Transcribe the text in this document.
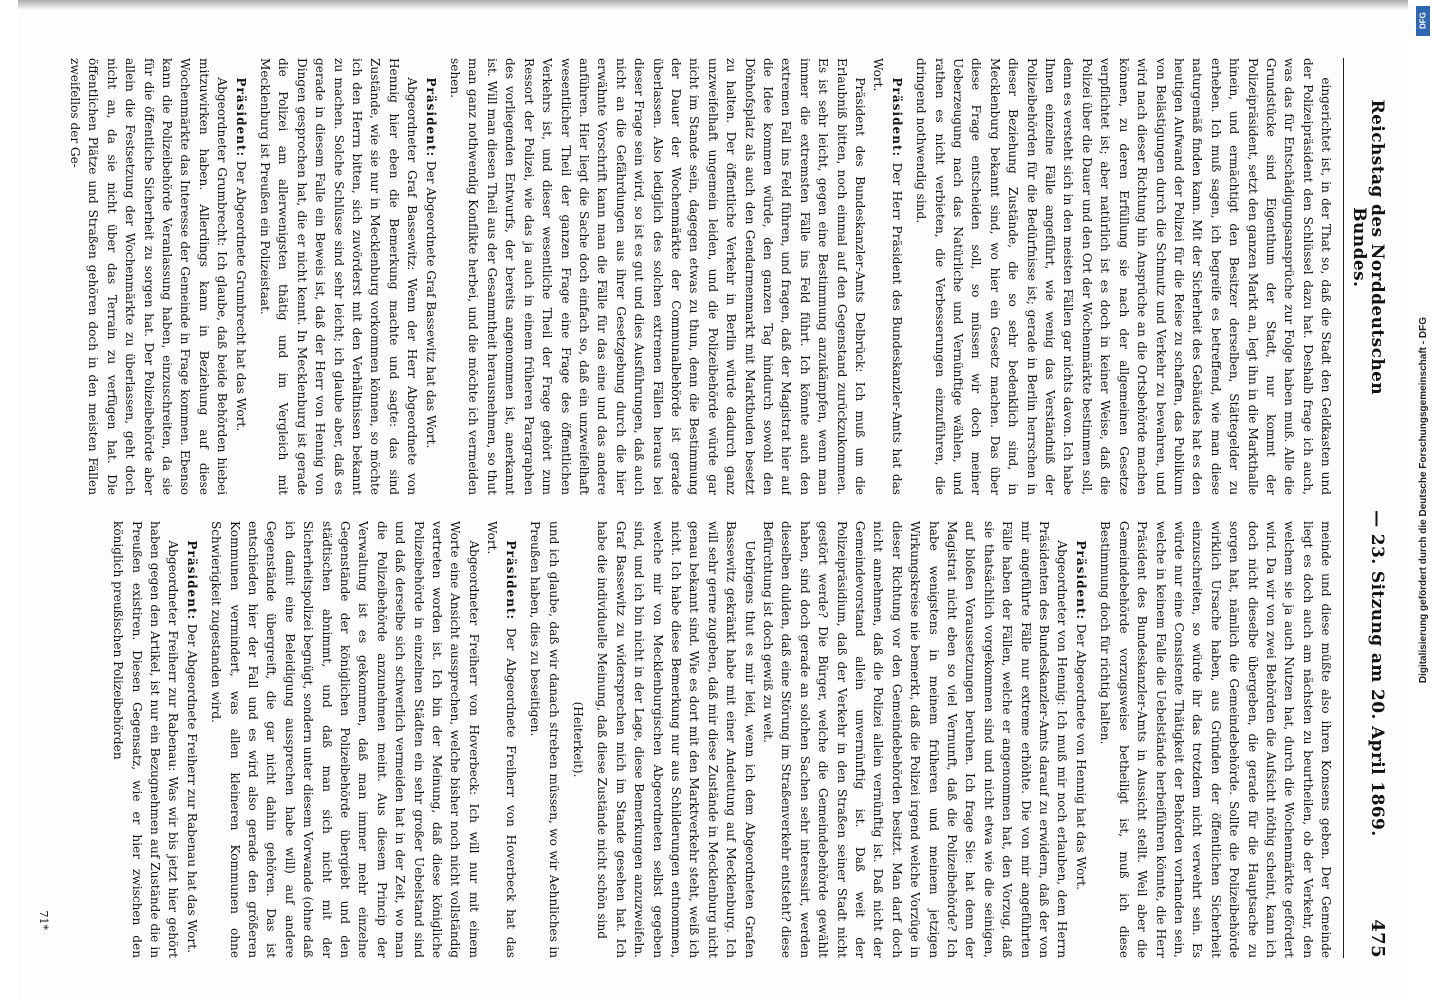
Reichstag des Norddeutschen Bundes.
— 23. Sitzung am 20. April 1869.
475

eingerichtet ist, in der That so, daß die Stadt den Geldkasten und der Polizeipräsident den Schlüssel dazu hat. Deshalb frage ich auch, was das für Entschädigungsansprüche zur Folge haben muß. Alle die Grundstücke sind Eigenthum der Stadt, nur kommt der Polizeipräsident, setzt den ganzen Markt an, legt ihn in die Markthalle hinein, und ermächtigt den Besitzer derselben, Stättegelder zu erheben. Ich muß sagen, ich begreife es betreffend, wie man diese naturgemäß finden kann. Mit der Sicherheit des Gebäudes hat es den heutigen Aufwand der Polizei für die Reise zu schaffen, das Publikum von Belästigungen durch die Schmutz und Verkehr zu bewahren, und wird nach dieser Richtung hin Ansprüche an die Ortsbehörde machen können, zu deren Erfüllung sie nach der allgemeinen Gesetze verpflichtet ist; aber natürlich ist es doch in keiner Weise, daß die Polizei über die Dauer und den Ort der Wochenmärkte bestimmen soll, denn es versteht sich in den meisten Fällen gar nichts davon. Ich habe Ihnen einzelne Fälle angeführt, wie wenig das Verständniß der Polizeibehörden für die Bedürfnisse ist; gerade in Berlin herrschen in dieser Beziehung Zustände, die so sehr bedenklich sind, in Mecklenburg bekannt sind, wo hier ein Gesetz machen. Das über diese Frage entscheiden soll, so müssen wir doch meiner Ueberzeugung nach das Natürliche und Vernünftige wählen, und rathen es nicht verbieten, die Verbesserungen einzuführen, die dringend nothwendig sind.

Präsident: Der Herr Präsident des Bundeskanzler-Amts hat das Wort.

Präsident des Bundeskanzler-Amts Delbrück: Ich muß um die Erlaubniß bitten, noch einmal auf den Gegenstand zurückzukommen. Es ist sehr leicht, gegen eine Bestimmung anzukämpfen, wenn man immer die extremsten Fälle ins Feld führt. Ich könnte auch den extremen Fall ins Feld führen, und fragen, daß der Magistrat hier auf die Idee kommen würde, den ganzen Tag hindurch sowohl den Dönhofsplatz als auch den Gendarmenmarkt mit Marktbuden besetzt zu halten. Der öffentliche Verkehr in Berlin würde dadurch ganz unzweifelhaft ungemein leiden, und die Polizeibehörde würde gar nicht im Stande sein, dagegen etwas zu thun, denn die Bestimmung der Dauer der Wochenmärkte der Communalbehörde ist gerade überlassen. Also lediglich des solchen extremen Fällen heraus bei dieser Frage sein wird, so ist es gut und dies Ausführungen, daß auch nicht an die Gefährdungen aus ihrer Gesetzgebung durch die hier erwähnte Vorschrift kann man die Fälle für das eine und das andere anführen. Hier liegt die Sache doch einfach so, daß ein unzweifelhaft wesentlicher Theil der ganzen Frage eine Frage des öffentlichen Verkehrs ist, und dieser wesentliche Theil der Frage gehört zum Ressort der Polizei, wie das ja auch in einem früheren Paragraphen des vorliegenden Entwurfs, der bereits angenommen ist, anerkannt ist. Will man diesen Theil aus der Gesammtheit herausnehmen, so thut man ganz nothwendig Konflikte herbei, und die möchte ich vermeiden sehen.

Präsident: Der Abgeordnete Graf Bassewitz hat das Wort.

Abgeordneter Graf Bassewitz: Wenn der Herr Abgeordnete von Hennig hier eben die Bemerkung machte und sagte: das sind Zustände, wie sie nur in Mecklenburg vorkommen können, so möchte ich den Herrn bitten, sich zuvörderst mit den Verhältnissen bekannt zu machen. Solche Schlüsse sind sehr leicht; ich glaube aber, daß es gerade in diesem Falle ein Beweis ist, daß der Herr von Hennig von Dingen gesprochen hat, die er nicht kennt. In Mecklenburg ist gerade die Polizei am allerwenigsten thätig und im Vergleich mit Mecklenburg ist Preußen ein Polizeistaat.

Präsident: Der Abgeordnete Grumbrecht hat das Wort.

Abgeordneter Grumbrecht: Ich glaube, daß beide Behörden hiebei mitzuwirken haben. Allerdings kann in Beziehung auf diese Wochenmärkte das Interesse der Gemeinde in Frage kommen. Ebenso kann die Polizeibehörde Veranlassung haben, einzuschreiten, da sie für die öffentliche Sicherheit zu sorgen hat. Der Polizeibehörde aber allein die Festsetzung der Wochenmärkte zu überlassen, geht doch nicht an, da sie nicht über das Terrain zu verfügen hat. Die öffentlichen Plätze und Straßen gehören doch in den meisten Fällen zweifellos der Ge-

meinde und diese müßte also ihren Konsens geben. Der Gemeinde liegt es doch auch am nächsten zu beurtheilen, ob der Verkehr, den welchem sie ja auch Nutzen hat, durch die Wochenmärkte gefördert wird. Da wir von zwei Behörden die Aufsicht nöthig scheint, kann ich doch nicht dieselbe übergeben, die gerade für die Hauptsache zu sorgen hat, nämlich die Gemeindebehörde. Sollte die Polizeibehörde wirklich Ursache haben, aus Gründen der öffentlichen Sicherheit einzuschreiten, so würde ihr das trotzdem nicht verwehrt sein. Es würde nur eine Consistente Thätigkeit der Behörden vorhanden sein, welche in keinem Falle die Uebelstände herbeiführen könnte, die Herr Präsident des Bundeskanzler-Amts in Aussicht stellt. Weil aber die Gemeindebehörde vorzugsweise betheiligt ist, muß ich diese Bestimmung doch für richtig halten.

Präsident: Der Abgeordnete von Hennig hat das Wort.

Abgeordneter von Hennig: Ich muß mir noch erlauben, dem Herrn Präsidenten des Bundeskanzler-Amts darauf zu erwidern, daß der von mir angeführte Fälle nur extreme erhöhte. Die von mir angeführten Fälle haben der Fällen, welche er angenommen hat, den Vorzug, daß sie thatsächlich vorgekommen sind und nicht etwa wie die seinigen, auf bloßen Voraussetzungen beruhen. Ich frage Sie: hat denn der Magistrat nicht eben so viel Vernunft, daß die Polizeibehörde? Ich habe wenigstens in meinem früheren und meinem jetzigen Wirkungskreise nie bemerkt, daß die Polizei irgend welche Vorzüge in dieser Richtung vor den Gemeindebehörden besitzt. Man darf doch nicht annehmen, daß die Polizei allein vernünftig ist. Daß nicht der Gemeindevorstand allein unvernünftig ist. Daß weit der Polizeipräsidium, daß der Verkehr in den Straßen seiner Stadt nicht gestört werde? Die Bürger, welche die Gemeindebehörde gewählt haben, sind doch gerade an solchen Sachen sehr interessirt, werden dieselben dulden, daß eine Störung im Straßenverkehr entsteht? diese Befürchtung ist doch gewiß zu weit.

Uebrigens thut es mir leid, wenn ich dem Abgeordneten Grafen Bassewitz gekränkt habe mit einer Andeutung auf Mecklenburg. Ich will sehr gerne zugeben, daß mir diese Zustände in Mecklenburg nicht genau bekannt sind. Wie es dort mit den Marktverkehr steht, weiß ich nicht. Ich habe diese Bemerkung nur aus Schilderungen entnommen, welche mir von Mecklenburgischen Abgeordneten selbst gegeben sind, und ich bin nicht in der Lage, diese Bemerkungen anzuzweifeln. Graf Bassewitz zu widersprechen mich im Stande gesehen hat. Ich habe die individuelle Meinung, daß diese Zustände nicht schön sind

(Heiterkeit).

und ich glaube, daß wir danach streben müssen, wo wir Aehnliches in Preußen haben, dies zu beseitigen.

Präsident: Der Abgeordnete Freiherr von Hoverbeck hat das Wort.

Abgeordneter Freiherr von Hoverbeck: Ich will nur mit einem Worte eine Ansicht aussprechen, welche bisher noch nicht vollständig vertreten worden ist. Ich bin der Meinung, daß diese königliche Polizeibehörde in einzelnen Städten ein sehr großer Uebelstand sind und daß derselbe sich schwerlich vermeiden hat in der Zeit, wo man die Polizeibehörde anzunehmen meint. Aus diesem Princip der Verwaltung ist es gekommen, daß man immer mehr einzelne Gegenstände der königlichen Polizeibehörde übergiebt und den städtischen abnimmt, und daß man sich nicht mit der Sicherheitspolizei begnügt, sondern unter diesem Vorwande (ohne daß ich damit eine Beleidigung aussprechen habe will) auf andere Gegenstände übergreift, die gar nicht dahin gehören. Das ist entschieden hier der Fall und es wird also gerade den größeren Kommunen vermindert, was allen kleineren Kommunen ohne Schwierigkeit zugestanden wird.

Präsident: Der Abgeordnete Freiherr zur Rabenau hat das Wort.

Abgeordneter Freiherr zur Rabenau: Was wir bis jetzt hier gehört haben gegen den Artikel, ist nur ein Bezugnehmen auf Zustände die in Preußen existiren. Diesen Gegensatz, wie er hier zwischen den königlich preußischen Polizeibehörden

71*
Digitalisierung gefördert durch die Deutsche Forschungsgemeinschaft - DFG
DFG
